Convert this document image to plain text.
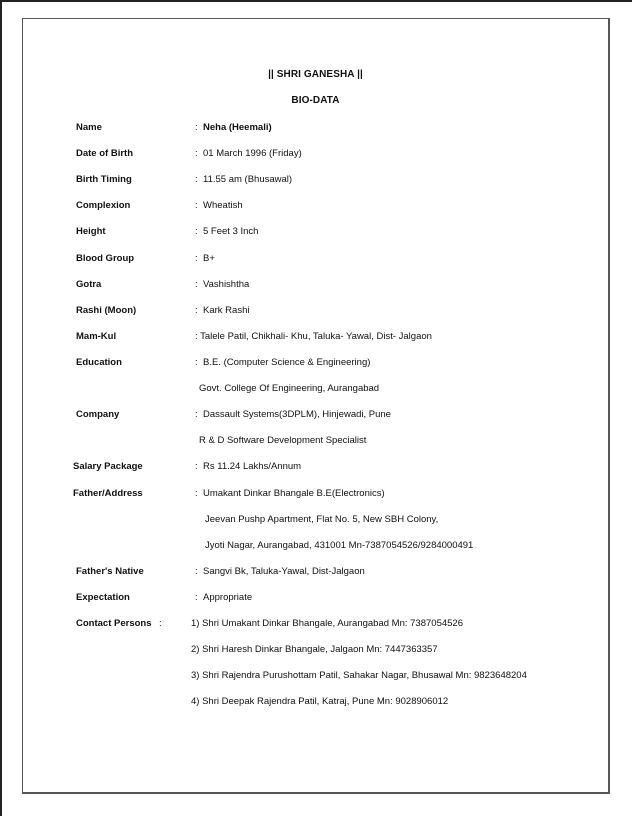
|| SHRI GANESHA ||
BIO-DATA
Name	: Neha (Heemali)
Date of Birth	: 01 March 1996 (Friday)
Birth Timing	: 11.55 am (Bhusawal)
Complexion	: Wheatish
Height	: 5 Feet 3 Inch
Blood Group	: B+
Gotra	: Vashishtha
Rashi (Moon)	: Kark Rashi
Mam-Kul	: Talele Patil, Chikhali- Khu, Taluka- Yawal, Dist- Jalgaon
Education	: B.E. (Computer Science & Engineering)
Govt. College Of Engineering, Aurangabad
Company	: Dassault Systems(3DPLM), Hinjewadi, Pune
R & D Software Development Specialist
Salary Package	: Rs 11.24 Lakhs/Annum
Father/Address	: Umakant Dinkar Bhangale B.E(Electronics)
Jeevan Pushp Apartment, Flat No. 5, New SBH Colony,
Jyoti Nagar, Aurangabad, 431001 Mn-7387054526/9284000491
Father's Native	: Sangvi Bk, Taluka-Yawal, Dist-Jalgaon
Expectation	: Appropriate
Contact Persons :	1) Shri Umakant Dinkar Bhangale, Aurangabad Mn: 7387054526
2) Shri Haresh Dinkar Bhangale, Jalgaon Mn: 7447363357
3) Shri Rajendra Purushottam Patil, Sahakar Nagar, Bhusawal Mn: 9823648204
4) Shri Deepak Rajendra Patil, Katraj, Pune Mn: 9028906012
